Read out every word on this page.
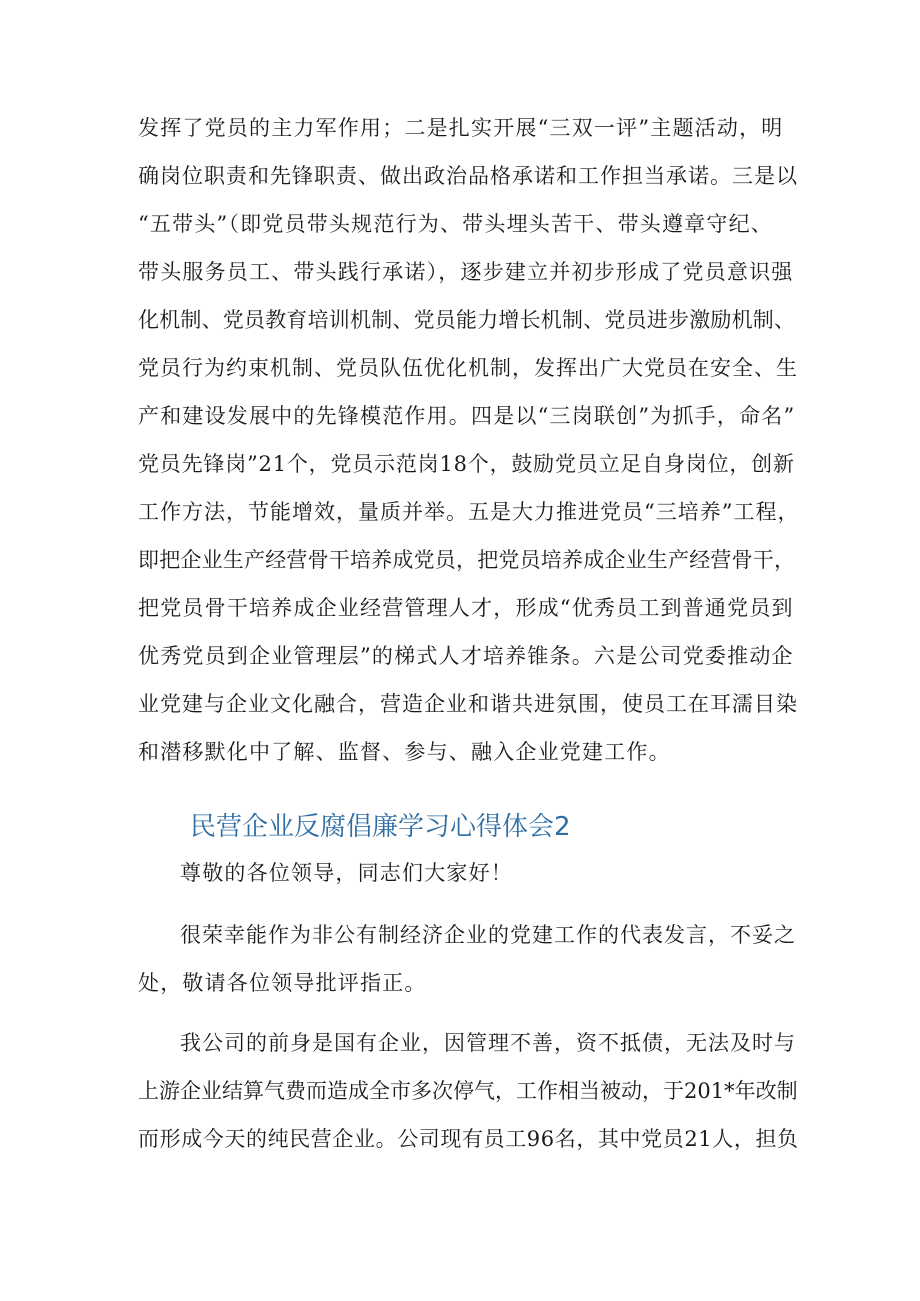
发挥了党员的主力军作用；二是扎实开展“三双一评”主题活动，明
确岗位职责和先锋职责、做出政治品格承诺和工作担当承诺。三是以
“五带头”（即党员带头规范行为、带头埋头苦干、带头遵章守纪、
带头服务员工、带头践行承诺），逐步建立并初步形成了党员意识强
化机制、党员教育培训机制、党员能力增长机制、党员进步激励机制、
党员行为约束机制、党员队伍优化机制，发挥出广大党员在安全、生
产和建设发展中的先锋模范作用。四是以“三岗联创”为抓手，命名”
党员先锋岗”21个，党员示范岗18个，鼓励党员立足自身岗位，创新
工作方法，节能增效，量质并举。五是大力推进党员“三培养”工程，
即把企业生产经营骨干培养成党员，把党员培养成企业生产经营骨干，
把党员骨干培养成企业经营管理人才，形成“优秀员工到普通党员到
优秀党员到企业管理层”的梯式人才培养锥条。六是公司党委推动企
业党建与企业文化融合，营造企业和谐共进氛围，使员工在耳濡目染
和潜移默化中了解、监督、参与、融入企业党建工作。
民营企业反腐倡廉学习心得体会2
尊敬的各位领导，同志们大家好！
很荣幸能作为非公有制经济企业的党建工作的代表发言，不妥之
处，敬请各位领导批评指正。
我公司的前身是国有企业，因管理不善，资不抵债，无法及时与
上游企业结算气费而造成全市多次停气，工作相当被动，于201*年改制
而形成今天的纯民营企业。公司现有员工96名，其中党员21人，担负
